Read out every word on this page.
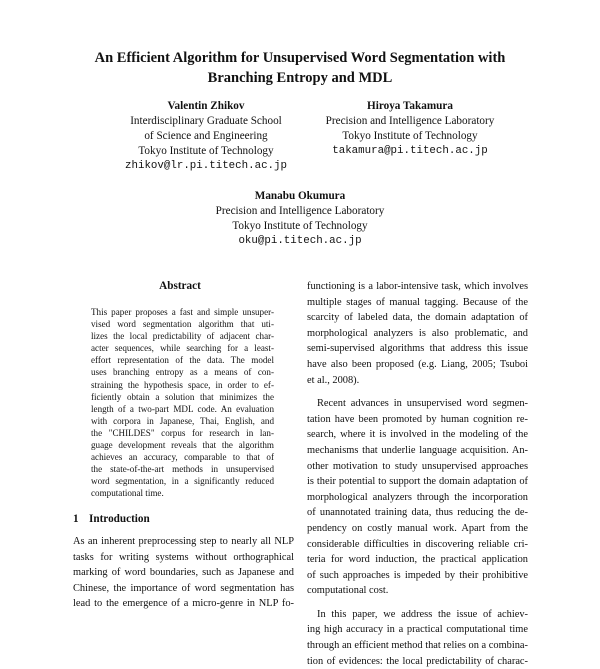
An Efficient Algorithm for Unsupervised Word Segmentation with
Branching Entropy and MDL
Valentin Zhikov
Interdisciplinary Graduate School
of Science and Engineering
Tokyo Institute of Technology
zhikov@lr.pi.titech.ac.jp
Hiroya Takamura
Precision and Intelligence Laboratory
Tokyo Institute of Technology
takamura@pi.titech.ac.jp
Manabu Okumura
Precision and Intelligence Laboratory
Tokyo Institute of Technology
oku@pi.titech.ac.jp
Abstract
This paper proposes a fast and simple unsuper-
vised word segmentation algorithm that uti-
lizes the local predictability of adjacent char-
acter sequences, while searching for a least-
effort representation of the data. The model
uses branching entropy as a means of con-
straining the hypothesis space, in order to ef-
ficiently obtain a solution that minimizes the
length of a two-part MDL code. An evaluation
with corpora in Japanese, Thai, English, and
the "CHILDES" corpus for research in lan-
guage development reveals that the algorithm
achieves an accuracy, comparable to that of
the state-of-the-art methods in unsupervised
word segmentation, in a significantly reduced
computational time.
1 Introduction
As an inherent preprocessing step to nearly all NLP
tasks for writing systems without orthographical
marking of word boundaries, such as Japanese and
Chinese, the importance of word segmentation has
lead to the emergence of a micro-genre in NLP fo-
functioning is a labor-intensive task, which involves
multiple stages of manual tagging. Because of the
scarcity of labeled data, the domain adaptation of
morphological analyzers is also problematic, and
semi-supervised algorithms that address this issue
have also been proposed (e.g. Liang, 2005; Tsuboi
et al., 2008).
Recent advances in unsupervised word segmen-
tation have been promoted by human cognition re-
search, where it is involved in the modeling of the
mechanisms that underlie language acquisition. An-
other motivation to study unsupervised approaches
is their potential to support the domain adaptation of
morphological analyzers through the incorporation
of unannotated training data, thus reducing the de-
pendency on costly manual work. Apart from the
considerable difficulties in discovering reliable cri-
teria for word induction, the practical application
of such approaches is impeded by their prohibitive
computational cost.
In this paper, we address the issue of achiev-
ing high accuracy in a practical computational time
through an efficient method that relies on a combina-
tion of evidences: the local predictability of charac-
